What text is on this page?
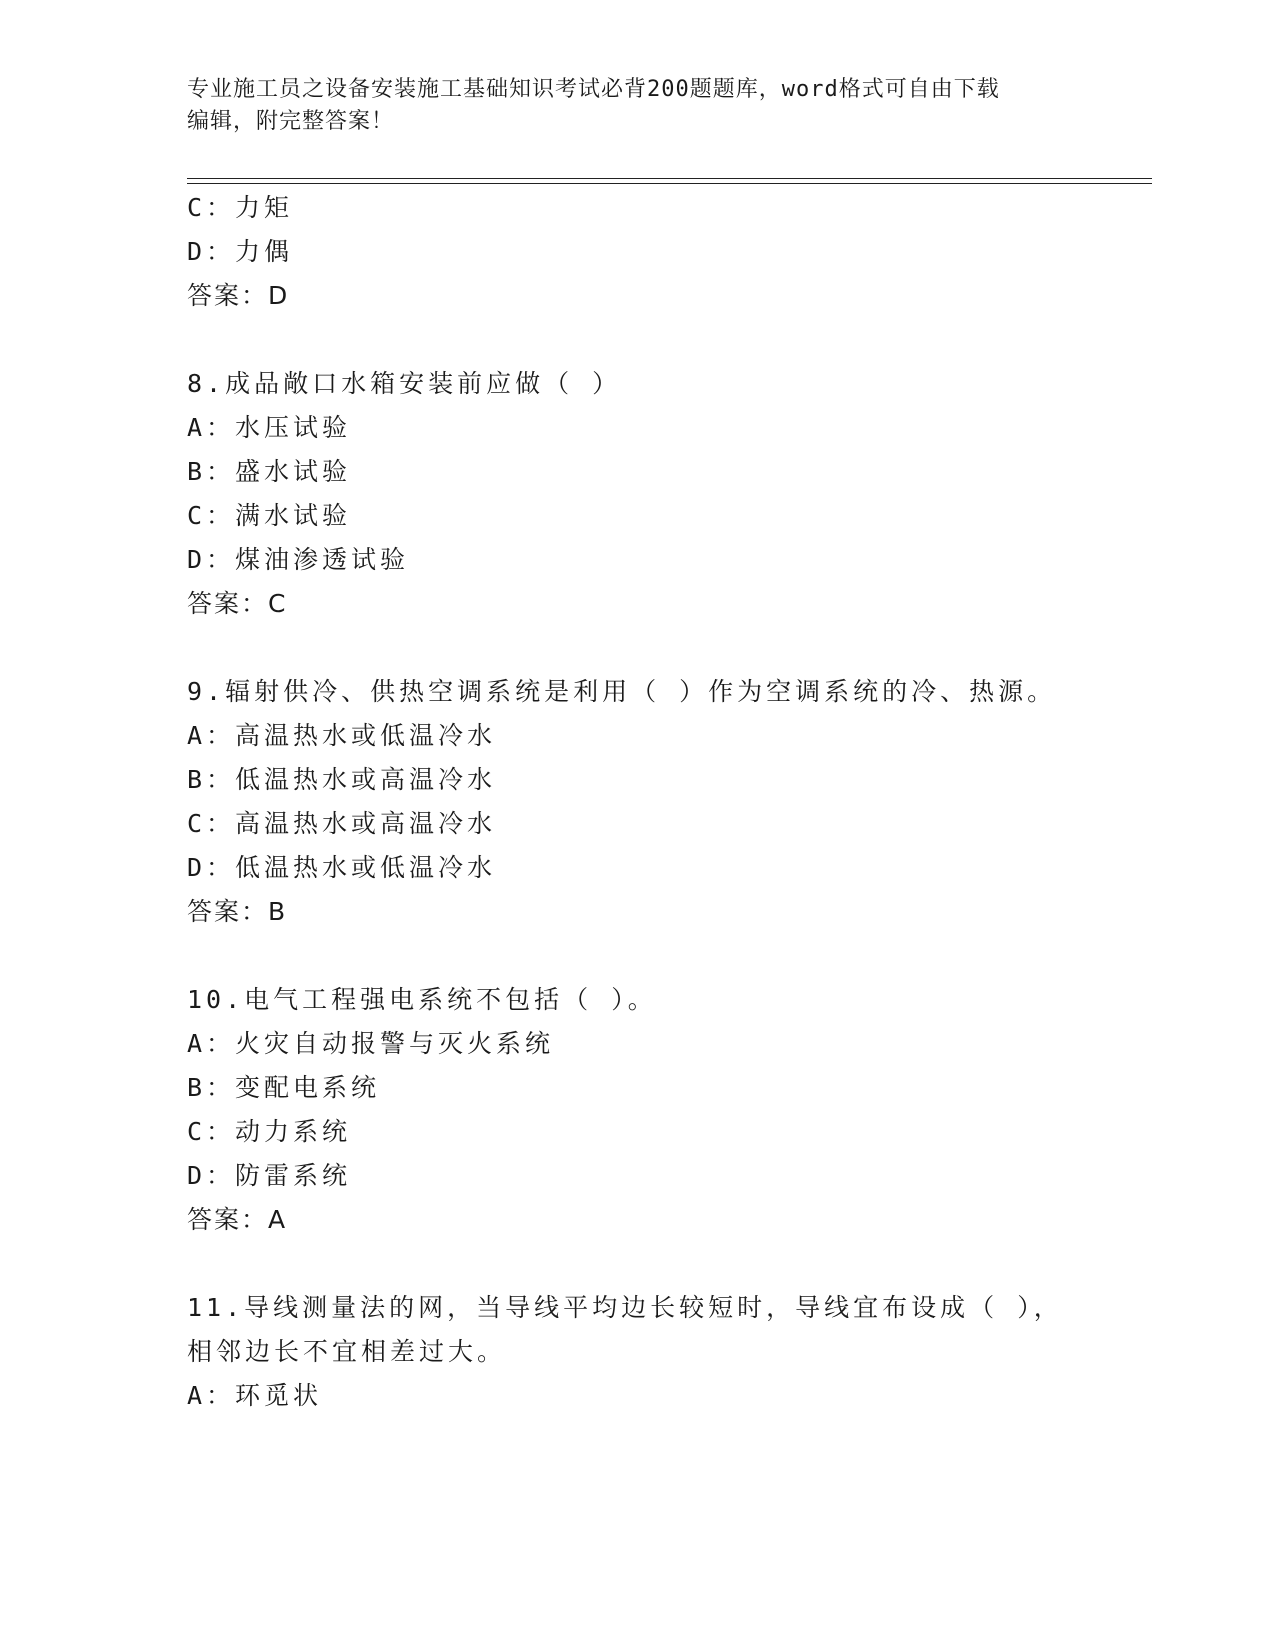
专业施工员之设备安装施工基础知识考试必背200题题库，word格式可自由下载
编辑，附完整答案！
C：力矩
D：力偶
答案：D
8.成品敞口水箱安装前应做（ ）
A：水压试验
B：盛水试验
C：满水试验
D：煤油渗透试验
答案：C
9.辐射供冷、供热空调系统是利用（ ）作为空调系统的冷、热源。
A：高温热水或低温冷水
B：低温热水或高温冷水
C：高温热水或高温冷水
D：低温热水或低温冷水
答案：B
10.电气工程强电系统不包括（ ）。
A：火灾自动报警与灭火系统
B：变配电系统
C：动力系统
D：防雷系统
答案：A
11.导线测量法的网，当导线平均边长较短时，导线宜布设成（ ），
相邻边长不宜相差过大。
A：环觅状
